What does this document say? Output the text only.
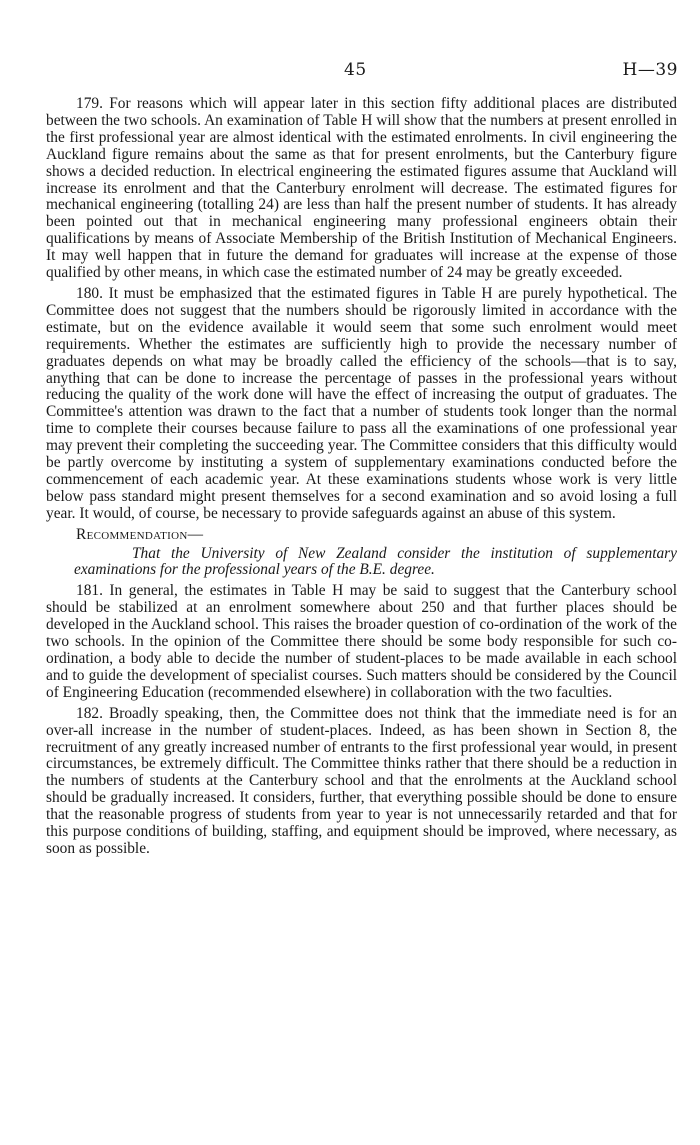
45	H—39

179. For reasons which will appear later in this section fifty additional places are distributed between the two schools. An examination of Table H will show that the numbers at present enrolled in the first professional year are almost identical with the estimated enrolments. In civil engineering the Auckland figure remains about the same as that for present enrolments, but the Canterbury figure shows a decided reduction. In electrical engineering the estimated figures assume that Auckland will increase its enrolment and that the Canterbury enrolment will decrease. The estimated figures for mechanical engineering (totalling 24) are less than half the present number of students. It has already been pointed out that in mechanical engineering many professional engineers obtain their qualifications by means of Associate Membership of the British Institution of Mechanical Engineers. It may well happen that in future the demand for graduates will increase at the expense of those qualified by other means, in which case the estimated number of 24 may be greatly exceeded.

180. It must be emphasized that the estimated figures in Table H are purely hypothetical. The Committee does not suggest that the numbers should be rigorously limited in accordance with the estimate, but on the evidence available it would seem that some such enrolment would meet requirements. Whether the estimates are sufficiently high to provide the necessary number of graduates depends on what may be broadly called the efficiency of the schools—that is to say, anything that can be done to increase the percentage of passes in the professional years without reducing the quality of the work done will have the effect of increasing the output of graduates. The Committee's attention was drawn to the fact that a number of students took longer than the normal time to complete their courses because failure to pass all the examinations of one professional year may prevent their completing the succeeding year. The Committee considers that this difficulty would be partly overcome by instituting a system of supplementary examinations conducted before the commencement of each academic year. At these examinations students whose work is very little below pass standard might present themselves for a second examination and so avoid losing a full year. It would, of course, be necessary to provide safeguards against an abuse of this system.

Recommendation—

That the University of New Zealand consider the institution of supplementary examinations for the professional years of the B.E. degree.

181. In general, the estimates in Table H may be said to suggest that the Canterbury school should be stabilized at an enrolment somewhere about 250 and that further places should be developed in the Auckland school. This raises the broader question of co-ordination of the work of the two schools. In the opinion of the Committee there should be some body responsible for such co-ordination, a body able to decide the number of student-places to be made available in each school and to guide the development of specialist courses. Such matters should be considered by the Council of Engineering Education (recommended elsewhere) in collaboration with the two faculties.

182. Broadly speaking, then, the Committee does not think that the immediate need is for an over-all increase in the number of student-places. Indeed, as has been shown in Section 8, the recruitment of any greatly increased number of entrants to the first professional year would, in present circumstances, be extremely difficult. The Committee thinks rather that there should be a reduction in the numbers of students at the Canterbury school and that the enrolments at the Auckland school should be gradually increased. It considers, further, that everything possible should be done to ensure that the reasonable progress of students from year to year is not unnecessarily retarded and that for this purpose conditions of building, staffing, and equipment should be improved, where necessary, as soon as possible.
